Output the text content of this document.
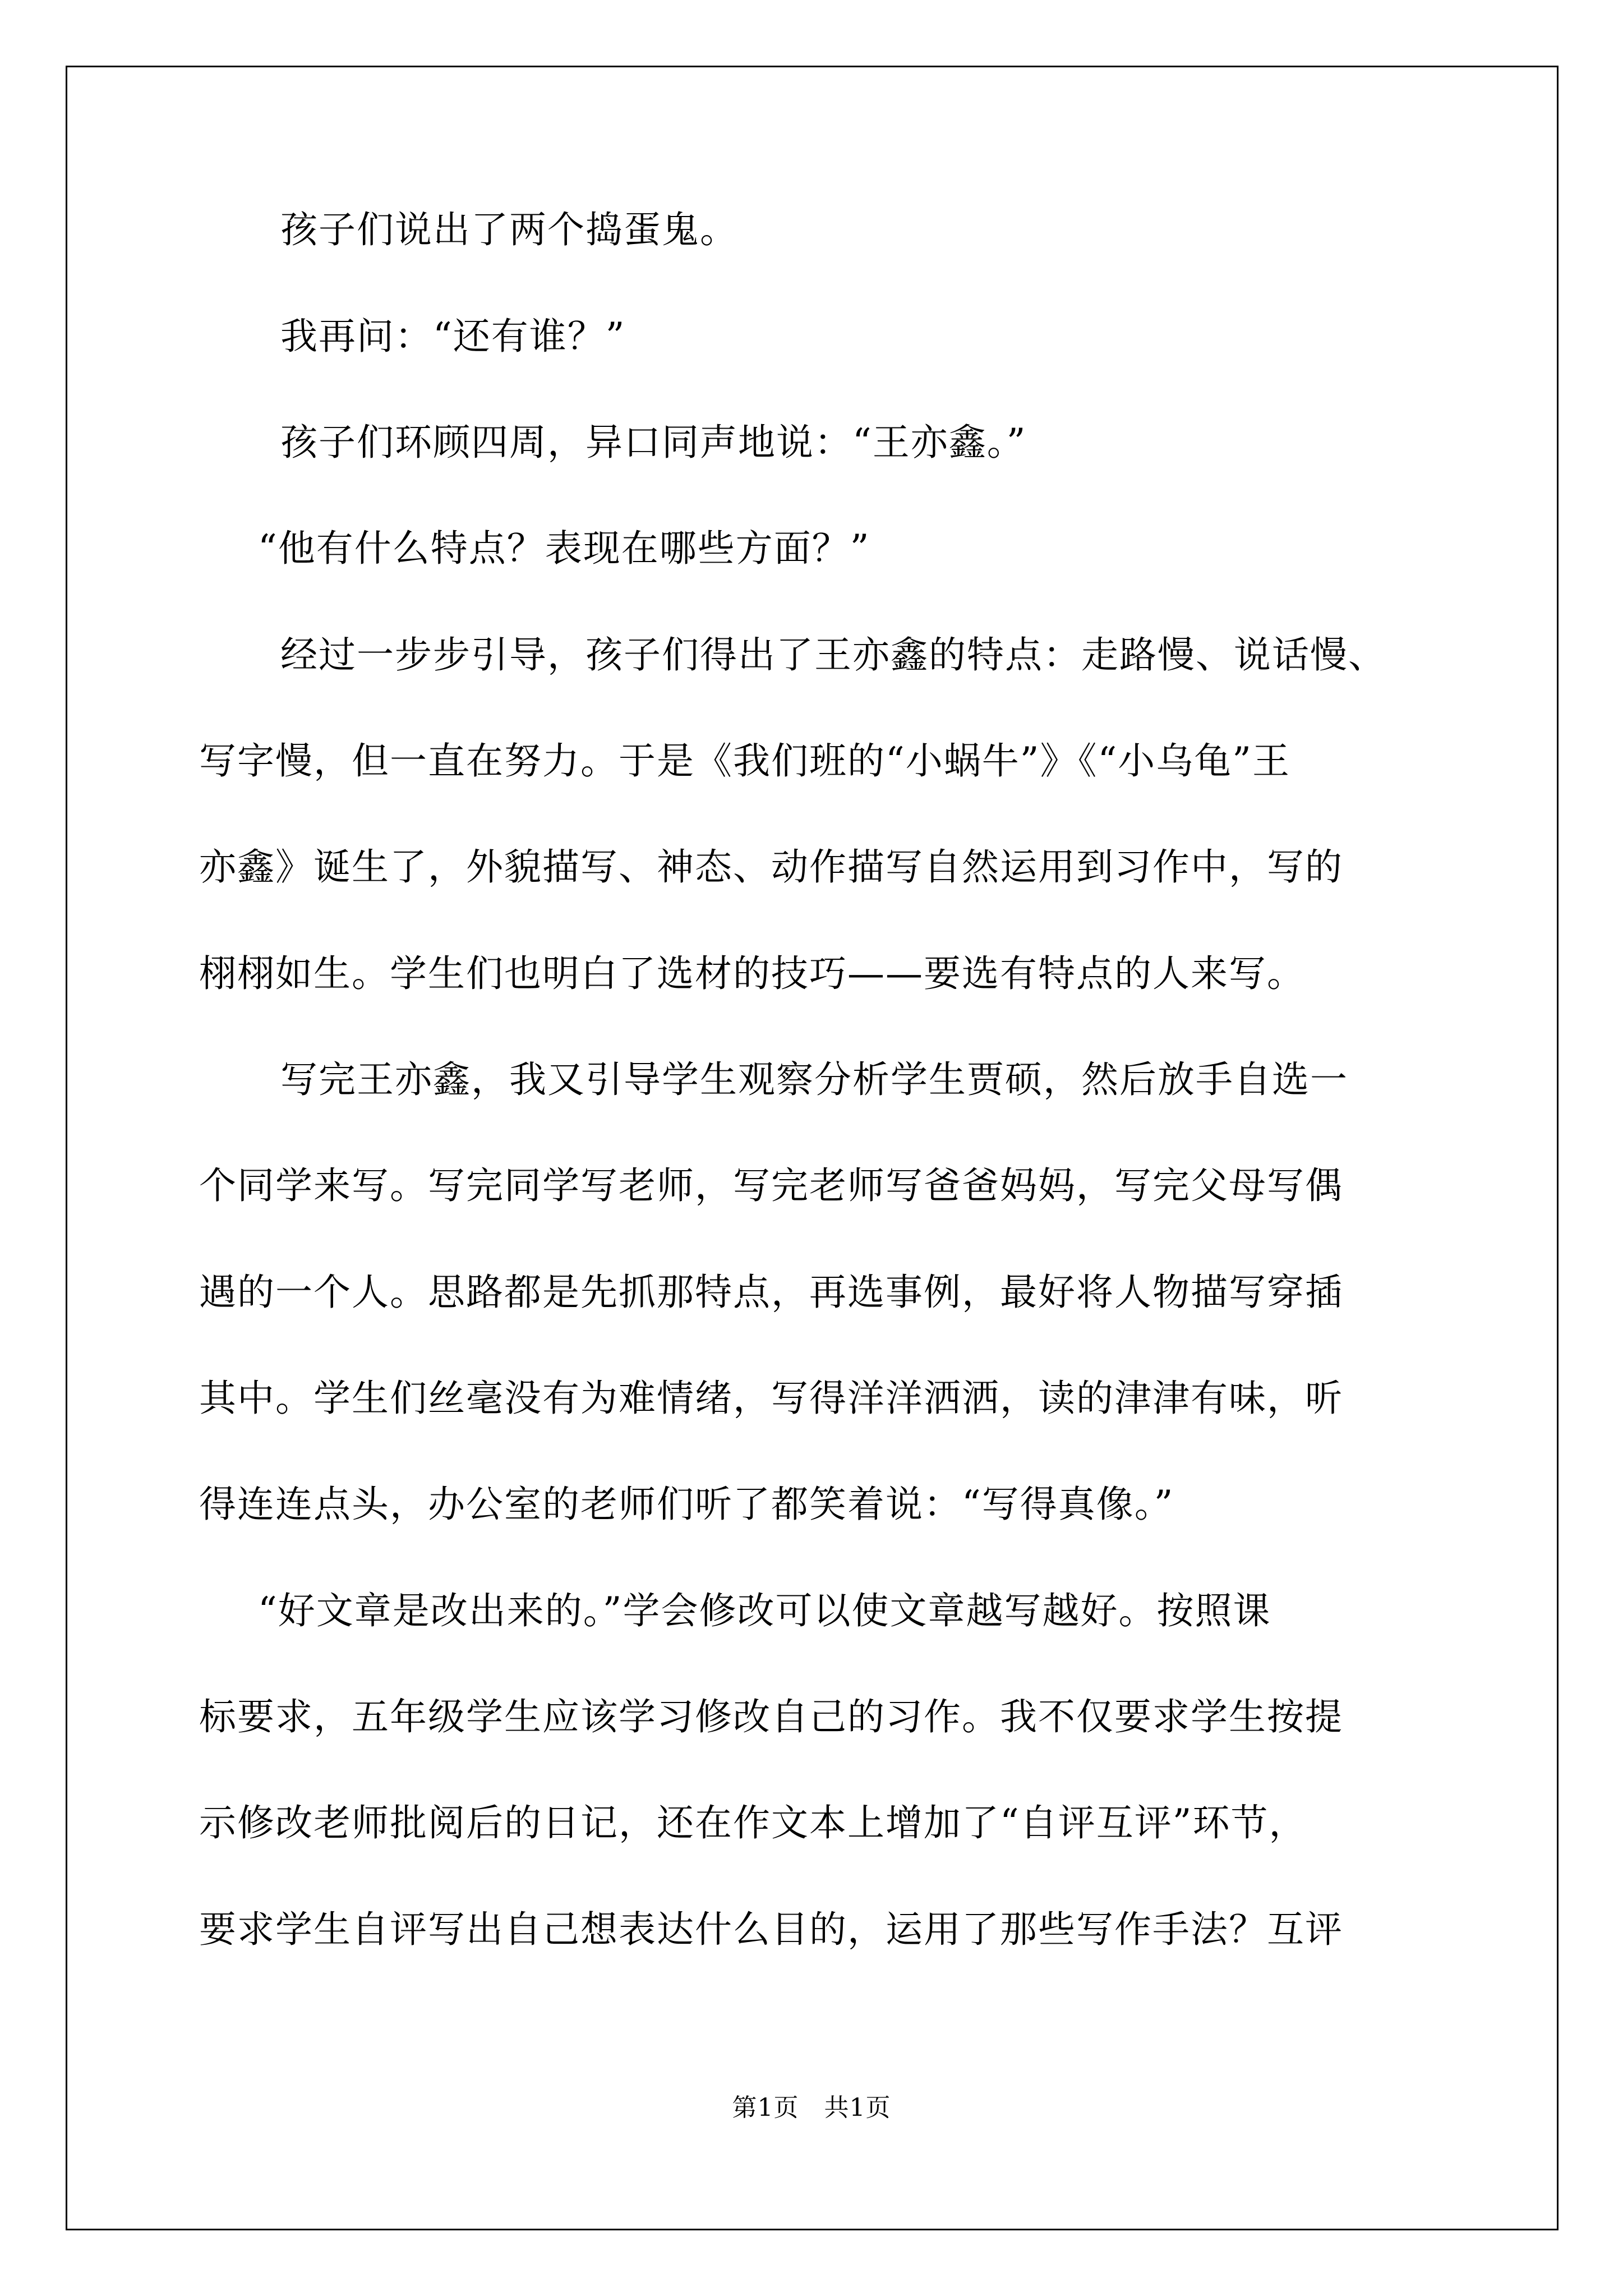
孩子们说出了两个捣蛋鬼。
我再问：“还有谁？”
孩子们环顾四周，异口同声地说：“王亦鑫。”
“他有什么特点？表现在哪些方面？”
经过一步步引导，孩子们得出了王亦鑫的特点：走路慢、说话慢、
写字慢，但一直在努力。于是《我们班的“小蜗牛”》《“小乌龟”王
亦鑫》诞生了，外貌描写、神态、动作描写自然运用到习作中，写的
栩栩如生。学生们也明白了选材的技巧——要选有特点的人来写。
写完王亦鑫，我又引导学生观察分析学生贾硕，然后放手自选一
个同学来写。写完同学写老师，写完老师写爸爸妈妈，写完父母写偶
遇的一个人。思路都是先抓那特点，再选事例，最好将人物描写穿插
其中。学生们丝毫没有为难情绪，写得洋洋洒洒，读的津津有味，听
得连连点头，办公室的老师们听了都笑着说：“写得真像。”
“好文章是改出来的。”学会修改可以使文章越写越好。按照课
标要求，五年级学生应该学习修改自己的习作。我不仅要求学生按提
示修改老师批阅后的日记，还在作文本上增加了“自评互评”环节，
要求学生自评写出自己想表达什么目的，运用了那些写作手法？互评
第1页　共1页
